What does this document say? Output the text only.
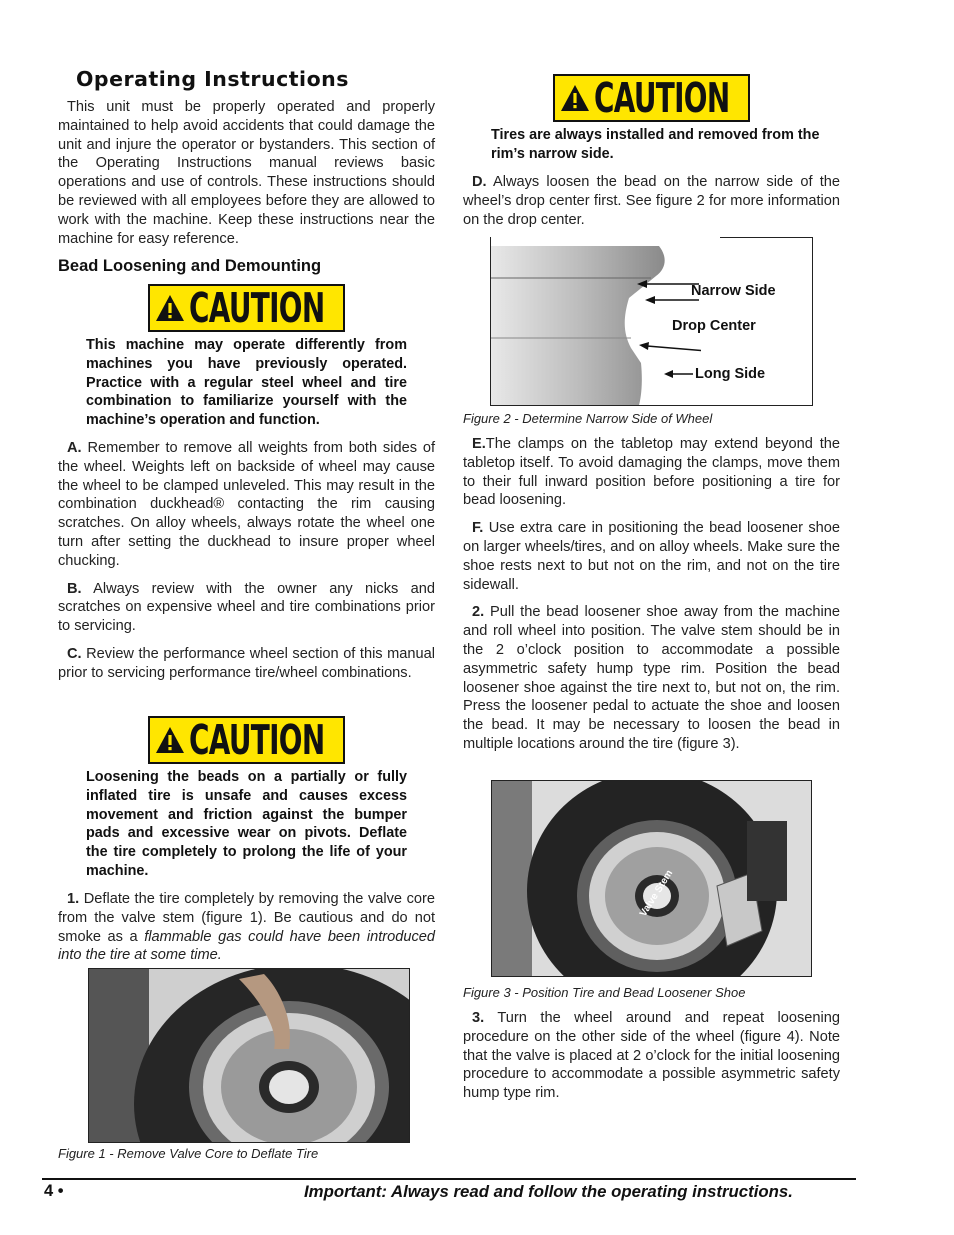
Operating Instructions

This unit must be properly operated and properly maintained to help avoid accidents that could damage the unit and injure the operator or bystanders. This section of the Operating Instructions manual reviews basic operations and use of controls. These instructions should be reviewed with all employees before they are allowed to work with the machine. Keep these instructions near the machine for easy reference.

Bead Loosening and Demounting
CAUTION
This machine may operate differently from machines you have previously operated. Practice with a regular steel wheel and tire combination to familiarize yourself with the machine’s operation and function.

A. Remember to remove all weights from both sides of the wheel. Weights left on backside of wheel may cause the wheel to be clamped unleveled. This may result in the combination duckhead® contacting the rim causing scratches. On alloy wheels, always rotate the wheel one turn after setting the duckhead to insure proper wheel chucking.

B. Always review with the owner any nicks and scratches on expensive wheel and tire combinations prior to servicing.

C. Review the performance wheel section of this manual prior to servicing performance tire/wheel combinations.

CAUTION
Loosening the beads on a partially or fully inflated tire is unsafe and causes excess movement and friction against the bumper pads and excessive wear on pivots. Deflate the tire completely to prolong the life of your machine.

1. Deflate the tire completely by removing the valve core from the valve stem (figure 1). Be cautious and do not smoke as a flammable gas could have been introduced into the tire at some time.

Figure 1 - Remove Valve Core to Deflate Tire
CAUTION
Tires are always installed and removed from the rim’s narrow side.

D. Always loosen the bead on the narrow side of the wheel’s drop center first. See figure 2 for more information on the drop center.

Narrow Side
Drop Center
Long Side
Figure 2 - Determine Narrow Side of Wheel

E.The clamps on the tabletop may extend beyond the tabletop itself. To avoid damaging the clamps, move them to their full inward position before positioning a tire for bead loosening.

F. Use extra care in positioning the bead loosener shoe on larger wheels/tires, and on alloy wheels. Make sure the shoe rests next to but not on the rim, and not on the tire sidewall.

2. Pull the bead loosener shoe away from the machine and roll wheel into position. The valve stem should be in the 2 o’clock position to accommodate a possible asymmetric safety hump type rim. Position the bead loosener shoe against the tire next to, but not on, the rim. Press the loosener pedal to actuate the shoe and loosen the bead. It may be necessary to loosen the bead in multiple locations around the tire (figure 3).

Valve Stem
Figure 3 - Position Tire and Bead Loosener Shoe

3. Turn the wheel around and repeat loosening procedure on the other side of the wheel (figure 4). Note that the valve is placed at 2 o’clock for the initial loosening procedure to accommodate a possible asymmetric safety hump type rim.

4 •	Important: Always read and follow the operating instructions.
